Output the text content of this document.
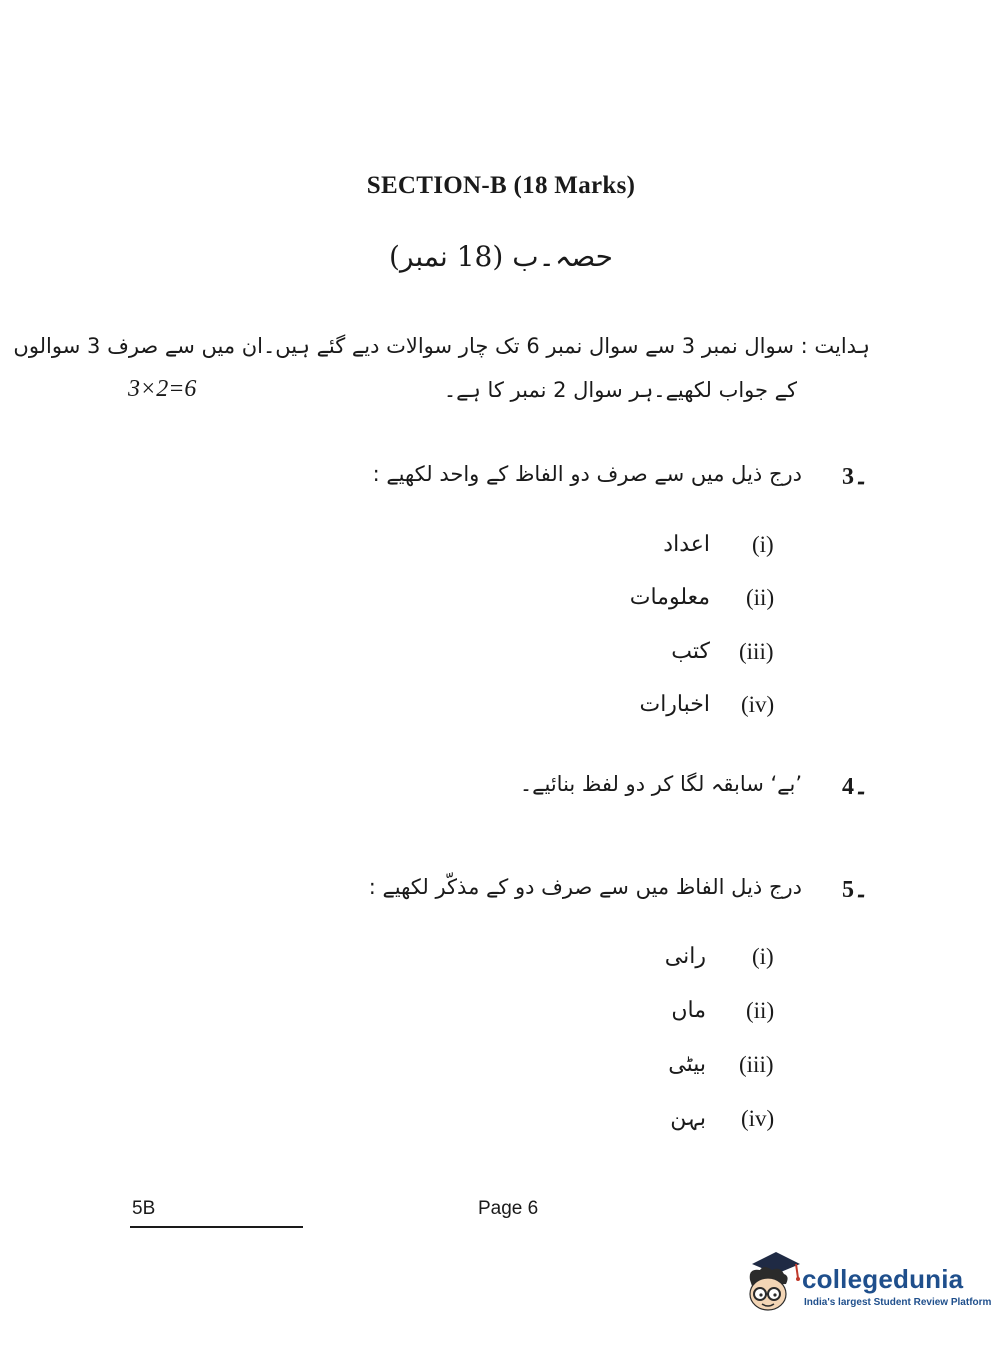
SECTION-B (18 Marks)
حصہ۔ب (18 نمبر)
ہدایت : سوال نمبر 3 سے سوال نمبر 6 تک چار سوالات دیے گئے ہیں۔ان میں سے صرف 3 سوالوں
کے جواب لکھیے۔ہر سوال 2 نمبر کا ہے۔
3×2=6
3۔
درج ذیل میں سے صرف دو الفاظ کے واحد لکھیے :
اعداد (i)
معلومات (ii)
کتب (iii)
اخبارات (iv)
4۔
’بے‘ سابقہ لگا کر دو لفظ بنائیے۔
5۔
درج ذیل الفاظ میں سے صرف دو کے مذکّر لکھیے :
رانی (i)
ماں (ii)
بیٹی (iii)
بہن (iv)
5B	Page 6
collegedunia
India's largest Student Review Platform
